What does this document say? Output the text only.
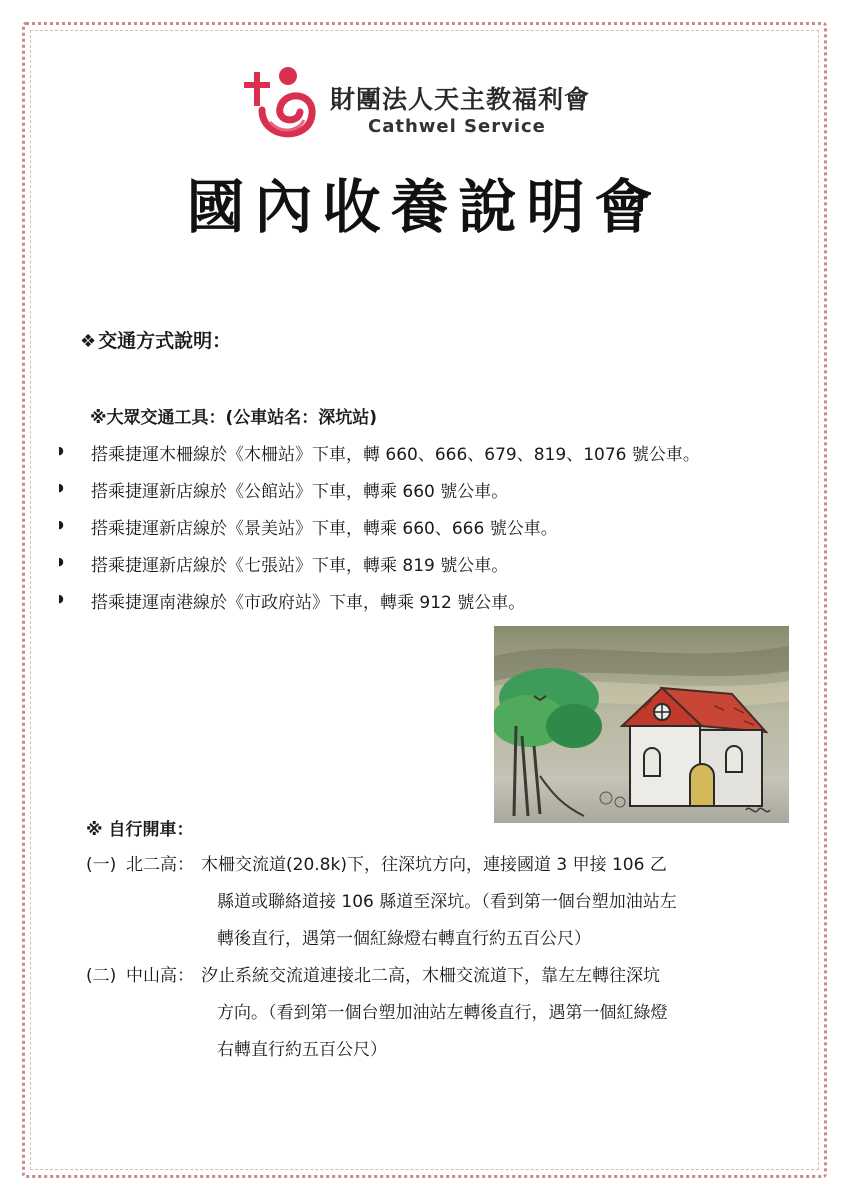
財團法人天主教福利會
Cathwel Service
國內收養說明會
❖ 交通方式說明：
※大眾交通工具：(公車站名：深坑站)
◗ 搭乘捷運木柵線於《木柵站》下車，轉 660、666、679、819、1076 號公車。
◗ 搭乘捷運新店線於《公館站》下車，轉乘 660 號公車。
◗ 搭乘捷運新店線於《景美站》下車，轉乘 660、666 號公車。
◗ 搭乘捷運新店線於《七張站》下車，轉乘 819 號公車。
◗ 搭乘捷運南港線於《市政府站》下車，轉乘 912 號公車。
※ 自行開車：
(一) 北二高： 木柵交流道(20.8k)下，往深坑方向，連接國道 3 甲接 106 乙
縣道或聯絡道接 106 縣道至深坑。（看到第一個台塑加油站左
轉後直行，遇第一個紅綠燈右轉直行約五百公尺）
(二) 中山高： 汐止系統交流道連接北二高，木柵交流道下，靠左左轉往深坑
方向。（看到第一個台塑加油站左轉後直行，遇第一個紅綠燈
右轉直行約五百公尺）
